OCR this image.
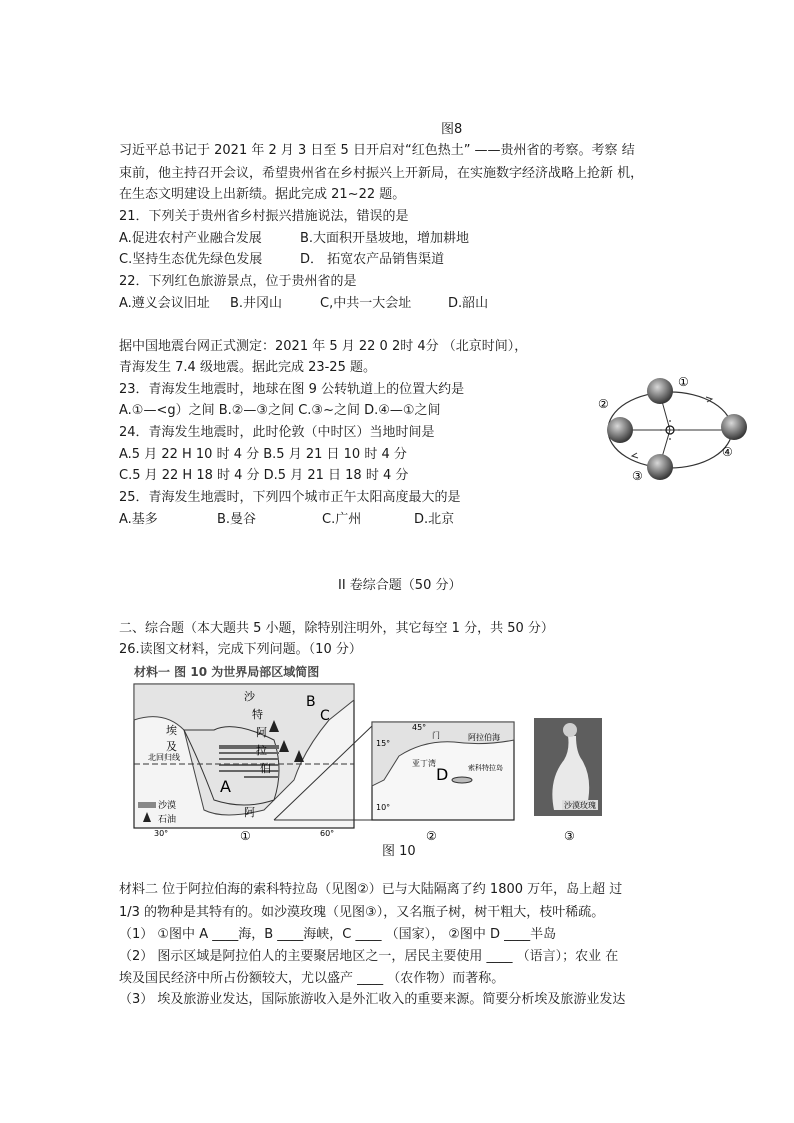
图8
习近平总书记于 2021 年 2 月 3 日至 5 日开启对“红色热土” ——贵州省的考察。考察 结
束前，他主持召开会议，希望贵州省在乡村振兴上开新局，在实施数字经济战略上抢新 机，
在生态文明建设上出新绩。据此完成 21~22 题。
21．下列关于贵州省乡村振兴措施说法，错误的是
A.促进农村产业融合发展	B.大面积开垦坡地，增加耕地
C.坚持生态优先绿色发展	D． 拓宽农产品销售渠道
22．下列红色旅游景点，位于贵州省的是
A.遵义会议旧址 B.井冈山	C,中共一大会址	D.韶山
据中国地震台网正式测定：2021 年 5 月 22 0 2时 4分 （北京时间），
青海发生 7.4 级地震。据此完成 23-25 题。
23．青海发生地震时，地球在图 9 公转轨道上的位置大约是
A.①—<g）之间 B.②—③之间 C.③~之间 D.④—①之间
24．青海发生地震时，此时伦敦（中时区）当地时间是
A.5 月 22 H 10 时 4 分 B.5 月 21 日 10 时 4 分
C.5 月 22 H 18 时 4 分 D.5 月 21 日 18 时 4 分
25．青海发生地震时，下列四个城市正午太阳高度最大的是
A.基多	B.曼谷	C.广州	D.北京
①
②
③
④
II 卷综合题（50 分）
二、综合题（本大题共 5 小题，除特别注明外，其它每空 1 分，共 50 分）
26.读图文材料，完成下列问题。（10 分）
材料一 图 10 为世界局部区域简图
A
B
C
沙
特
阿
拉
伯
埃
及
阿
北回归线
沙漠
石油
30°	60°
①
D
亚丁湾
阿拉伯海
索科特拉岛
门
45°
15°
10°
②
沙漠玫瑰
③
图 10
材料二 位于阿拉伯海的索科特拉岛（见图②）已与大陆隔离了约 1800 万年，岛上超 过
1/3 的物种是其特有的。如沙漠玫瑰（见图③），又名瓶子树，树干粗大，枝叶稀疏。
（1） ①图中 A ____海，B ____海峡，C ____ （国家）， ②图中 D ____半岛
（2） 图示区域是阿拉伯人的主要聚居地区之一，居民主要使用 ____ （语言）；农业 在
埃及国民经济中所占份额较大，尤以盛产 ____ （农作物）而著称。
（3） 埃及旅游业发达，国际旅游收入是外汇收入的重要来源。简要分析埃及旅游业发达
